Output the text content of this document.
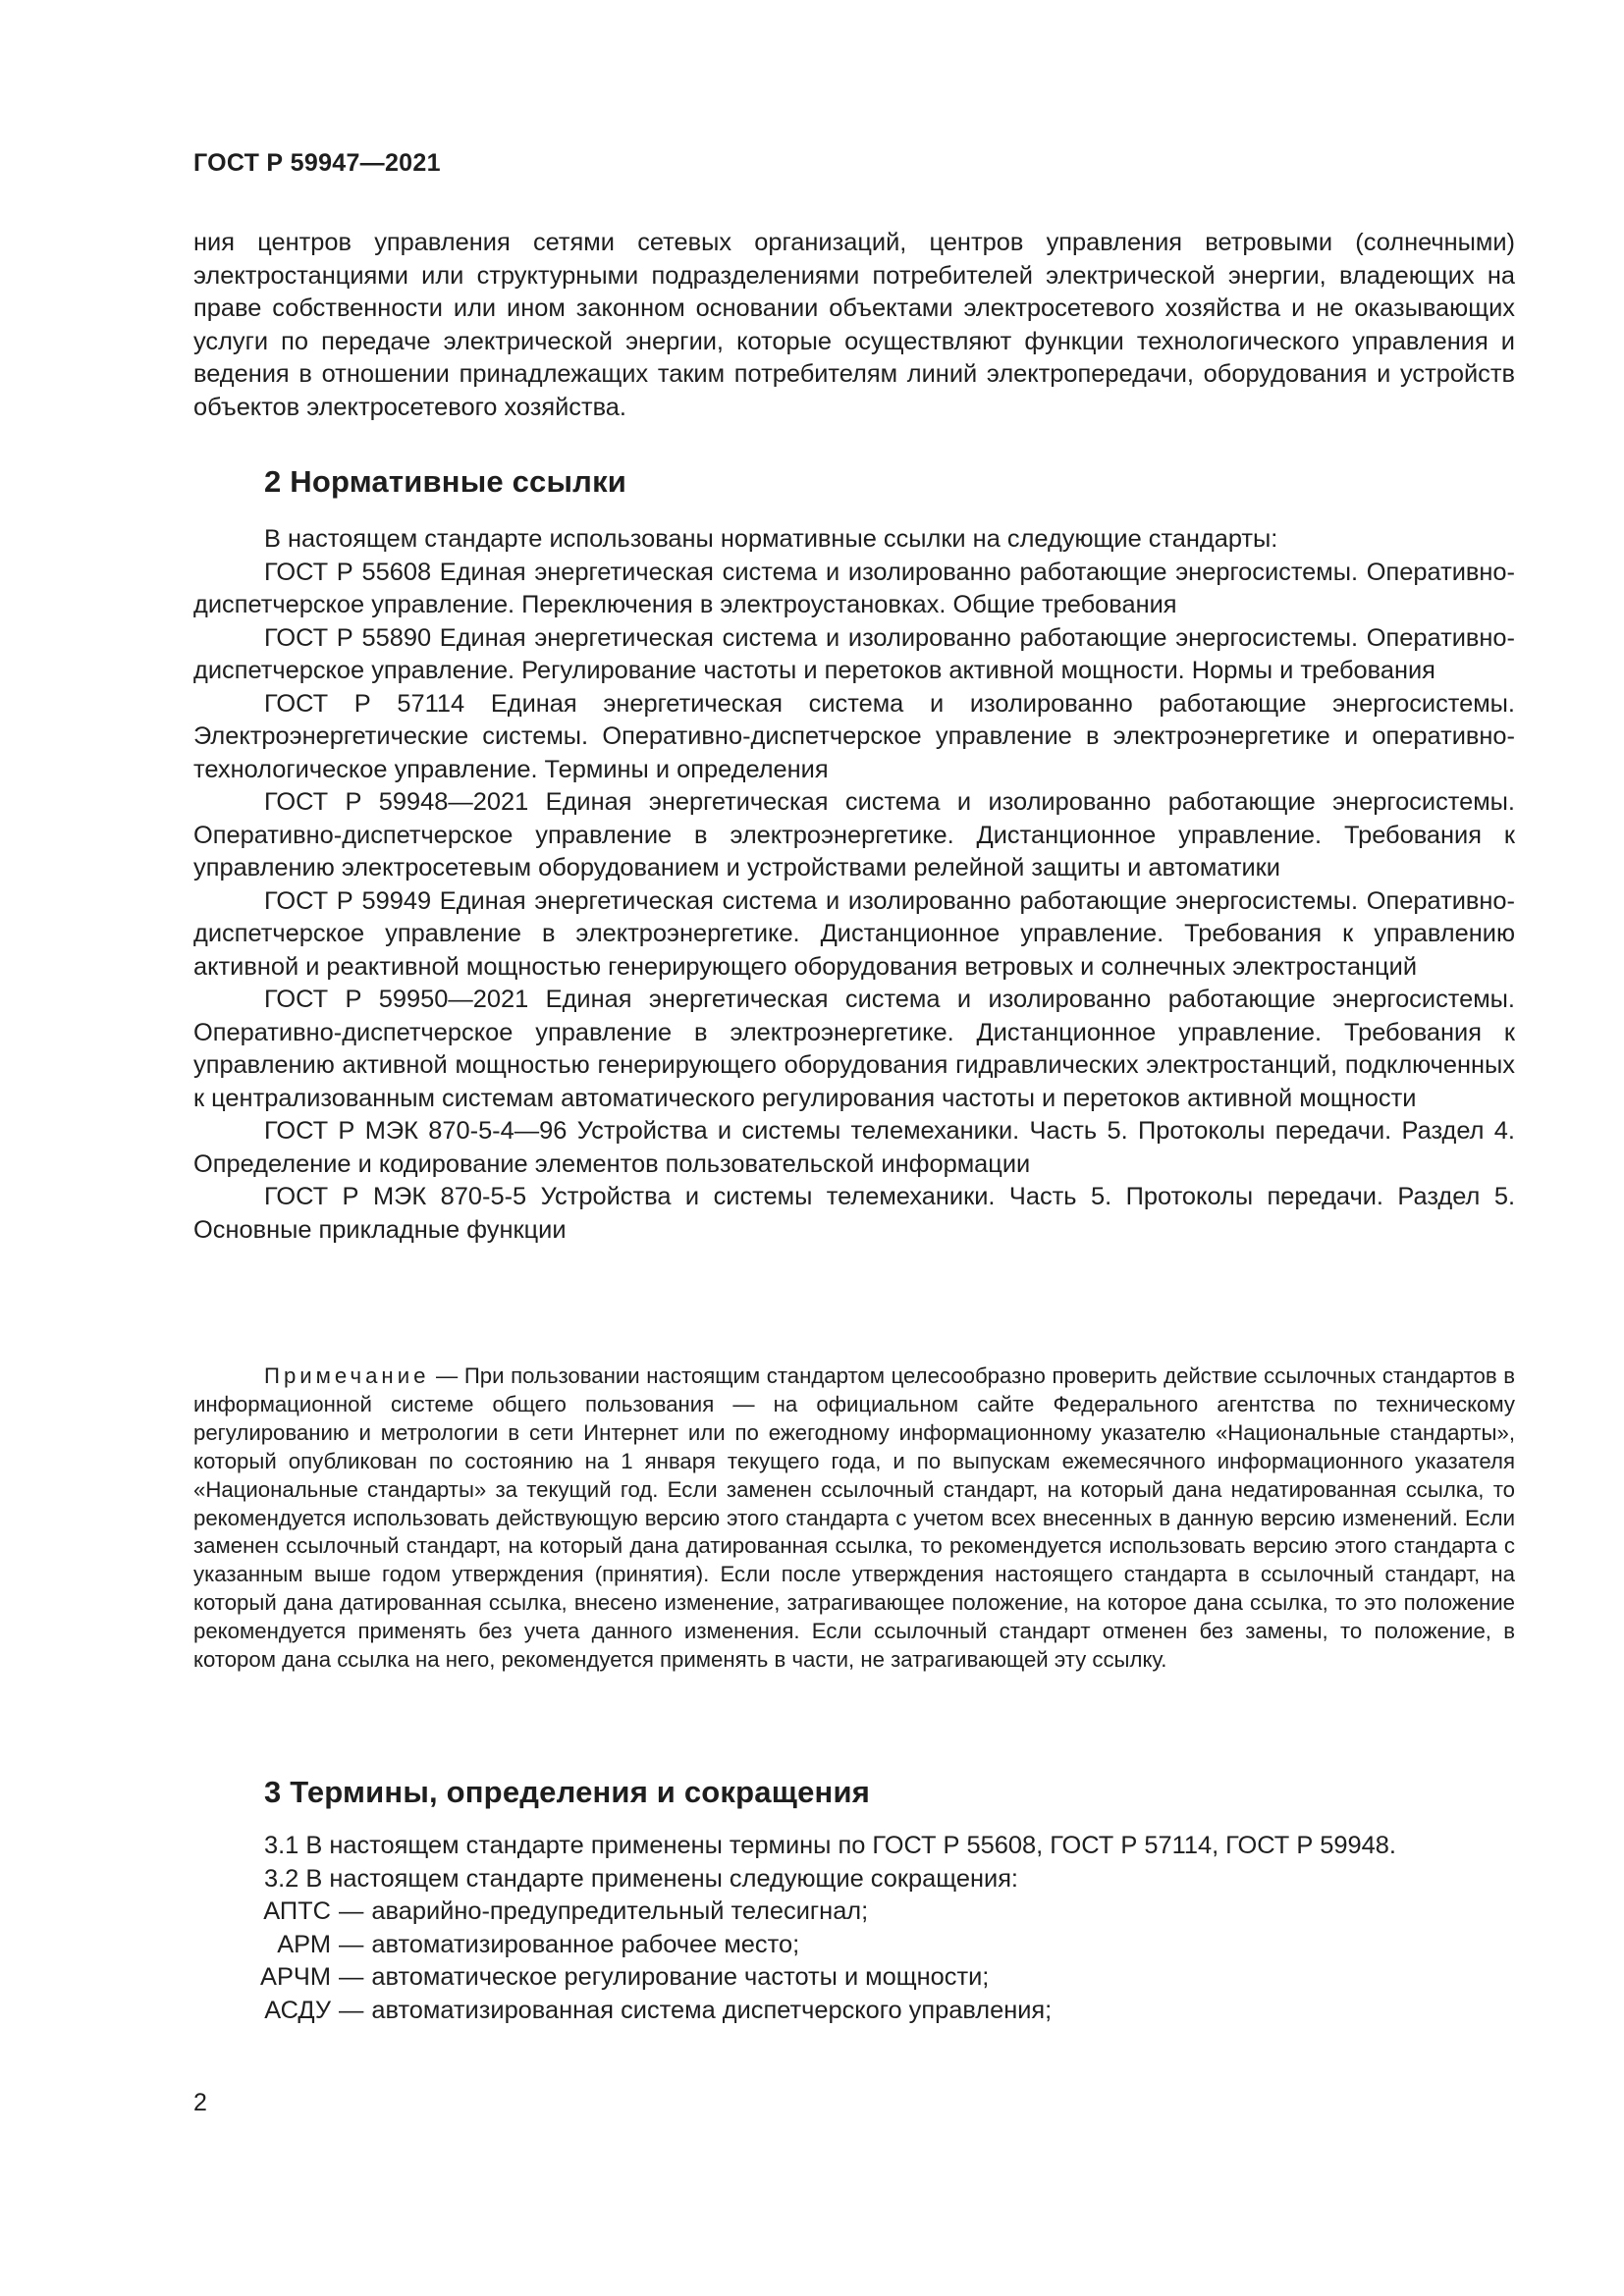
ГОСТ Р 59947—2021

ния центров управления сетями сетевых организаций, центров управления ветровыми (солнечными) электростанциями или структурными подразделениями потребителей электрической энергии, владеющих на праве собственности или ином законном основании объектами электросетевого хозяйства и не оказывающих услуги по передаче электрической энергии, которые осуществляют функции технологического управления и ведения в отношении принадлежащих таким потребителям линий электропередачи, оборудования и устройств объектов электросетевого хозяйства.

2 Нормативные ссылки

В настоящем стандарте использованы нормативные ссылки на следующие стандарты:

ГОСТ Р 55608 Единая энергетическая система и изолированно работающие энергосистемы. Оперативно-диспетчерское управление. Переключения в электроустановках. Общие требования

ГОСТ Р 55890 Единая энергетическая система и изолированно работающие энергосистемы. Оперативно-диспетчерское управление. Регулирование частоты и перетоков активной мощности. Нормы и требования

ГОСТ Р 57114 Единая энергетическая система и изолированно работающие энергосистемы. Электроэнергетические системы. Оперативно-диспетчерское управление в электроэнергетике и оперативно-технологическое управление. Термины и определения

ГОСТ Р 59948—2021 Единая энергетическая система и изолированно работающие энергосистемы. Оперативно-диспетчерское управление в электроэнергетике. Дистанционное управление. Требования к управлению электросетевым оборудованием и устройствами релейной защиты и автоматики

ГОСТ Р 59949 Единая энергетическая система и изолированно работающие энергосистемы. Оперативно-диспетчерское управление в электроэнергетике. Дистанционное управление. Требования к управлению активной и реактивной мощностью генерирующего оборудования ветровых и солнечных электростанций

ГОСТ Р 59950—2021 Единая энергетическая система и изолированно работающие энергосистемы. Оперативно-диспетчерское управление в электроэнергетике. Дистанционное управление. Требования к управлению активной мощностью генерирующего оборудования гидравлических электростанций, подключенных к централизованным системам автоматического регулирования частоты и перетоков активной мощности

ГОСТ Р МЭК 870-5-4—96 Устройства и системы телемеханики. Часть 5. Протоколы передачи. Раздел 4. Определение и кодирование элементов пользовательской информации

ГОСТ Р МЭК 870-5-5 Устройства и системы телемеханики. Часть 5. Протоколы передачи. Раздел 5. Основные прикладные функции

Примечание — При пользовании настоящим стандартом целесообразно проверить действие ссылочных стандартов в информационной системе общего пользования — на официальном сайте Федерального агентства по техническому регулированию и метрологии в сети Интернет или по ежегодному информационному указателю «Национальные стандарты», который опубликован по состоянию на 1 января текущего года, и по выпускам ежемесячного информационного указателя «Национальные стандарты» за текущий год. Если заменен ссылочный стандарт, на который дана недатированная ссылка, то рекомендуется использовать действующую версию этого стандарта с учетом всех внесенных в данную версию изменений. Если заменен ссылочный стандарт, на который дана датированная ссылка, то рекомендуется использовать версию этого стандарта с указанным выше годом утверждения (принятия). Если после утверждения настоящего стандарта в ссылочный стандарт, на который дана датированная ссылка, внесено изменение, затрагивающее положение, на которое дана ссылка, то это положение рекомендуется применять без учета данного изменения. Если ссылочный стандарт отменен без замены, то положение, в котором дана ссылка на него, рекомендуется применять в части, не затрагивающей эту ссылку.

3 Термины, определения и сокращения

3.1 В настоящем стандарте применены термины по ГОСТ Р 55608, ГОСТ Р 57114, ГОСТ Р 59948.

3.2 В настоящем стандарте применены следующие сокращения:

АПТС — аварийно-предупредительный телесигнал;
АРМ — автоматизированное рабочее место;
АРЧМ — автоматическое регулирование частоты и мощности;
АСДУ — автоматизированная система диспетчерского управления;
2
